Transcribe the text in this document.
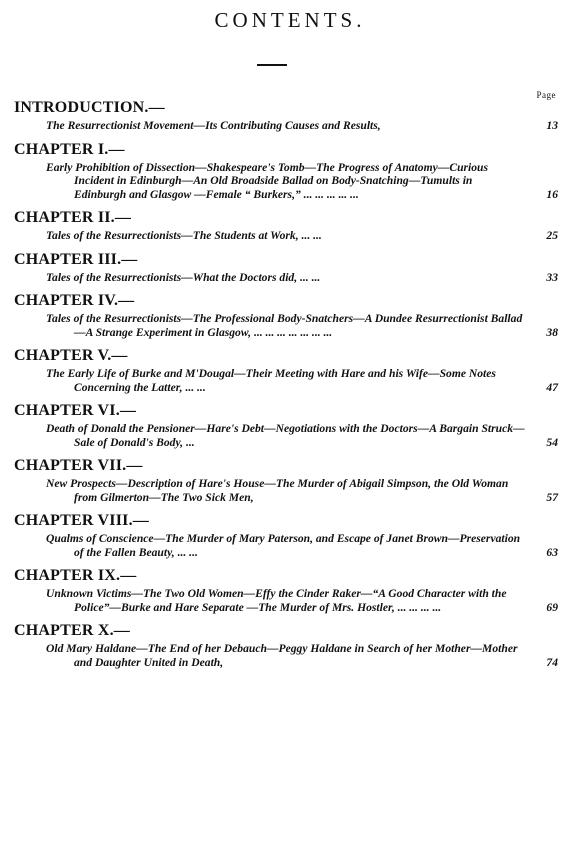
CONTENTS.
Page
INTRODUCTION.—
The Resurrectionist Movement—Its Contributing Causes and Results,	13
CHAPTER I.—
Early Prohibition of Dissection—Shakespeare's Tomb—The Progress of Anatomy—Curious Incident in Edinburgh—An Old Broadside Ballad on Body-Snatching—Tumults in Edinburgh and Glasgow —Female “ Burkers,” ... ... ... ... ...	16
CHAPTER II.—
Tales of the Resurrectionists—The Students at Work, ... ...	25
CHAPTER III.—
Tales of the Resurrectionists—What the Doctors did, ... ...	33
CHAPTER IV.—
Tales of the Resurrectionists—The Professional Body-Snatchers—A Dundee Resurrectionist Ballad—A Strange Experiment in Glasgow, ... ... ... ... ... ... ...	38
CHAPTER V.—
The Early Life of Burke and M'Dougal—Their Meeting with Hare and his Wife—Some Notes Concerning the Latter, ... ...	47
CHAPTER VI.—
Death of Donald the Pensioner—Hare's Debt—Negotiations with the Doctors—A Bargain Struck—Sale of Donald's Body, ...	54
CHAPTER VII.—
New Prospects—Description of Hare's House—The Murder of Abigail Simpson, the Old Woman from Gilmerton—The Two Sick Men,	57
CHAPTER VIII.—
Qualms of Conscience—The Murder of Mary Paterson, and Escape of Janet Brown—Preservation of the Fallen Beauty, ... ...	63
CHAPTER IX.—
Unknown Victims—The Two Old Women—Effy the Cinder Raker—“A Good Character with the Police”—Burke and Hare Separate —The Murder of Mrs. Hostler, ... ... ... ...	69
CHAPTER X.—
Old Mary Haldane—The End of her Debauch—Peggy Haldane in Search of her Mother—Mother and Daughter United in Death,	74
